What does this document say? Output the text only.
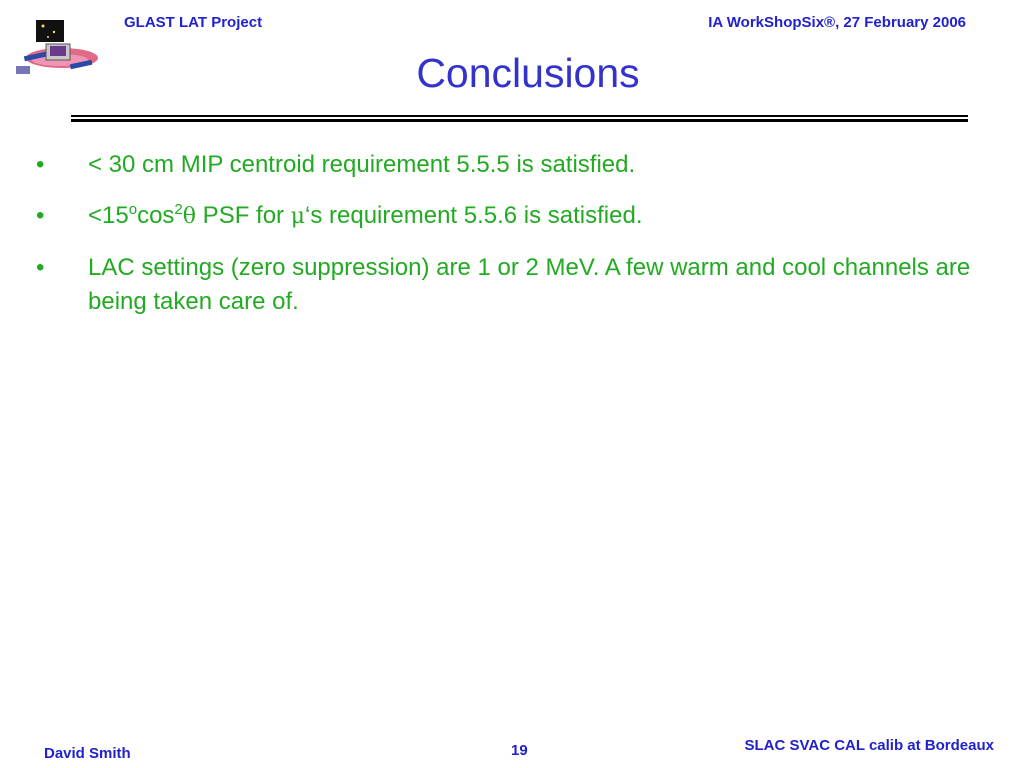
GLAST LAT Project	IA WorkShopSix®, 27 February 2006
Conclusions
• < 30 cm MIP centroid requirement 5.5.5 is satisfied.
• $<15^o\cos^2\theta$ PSF for μ‘s requirement 5.5.6 is satisfied.
• LAC settings (zero suppression) are 1 or 2 MeV. A few warm and cool channels are being taken care of.
David Smith	19	SLAC SVAC CAL calib at Bordeaux
